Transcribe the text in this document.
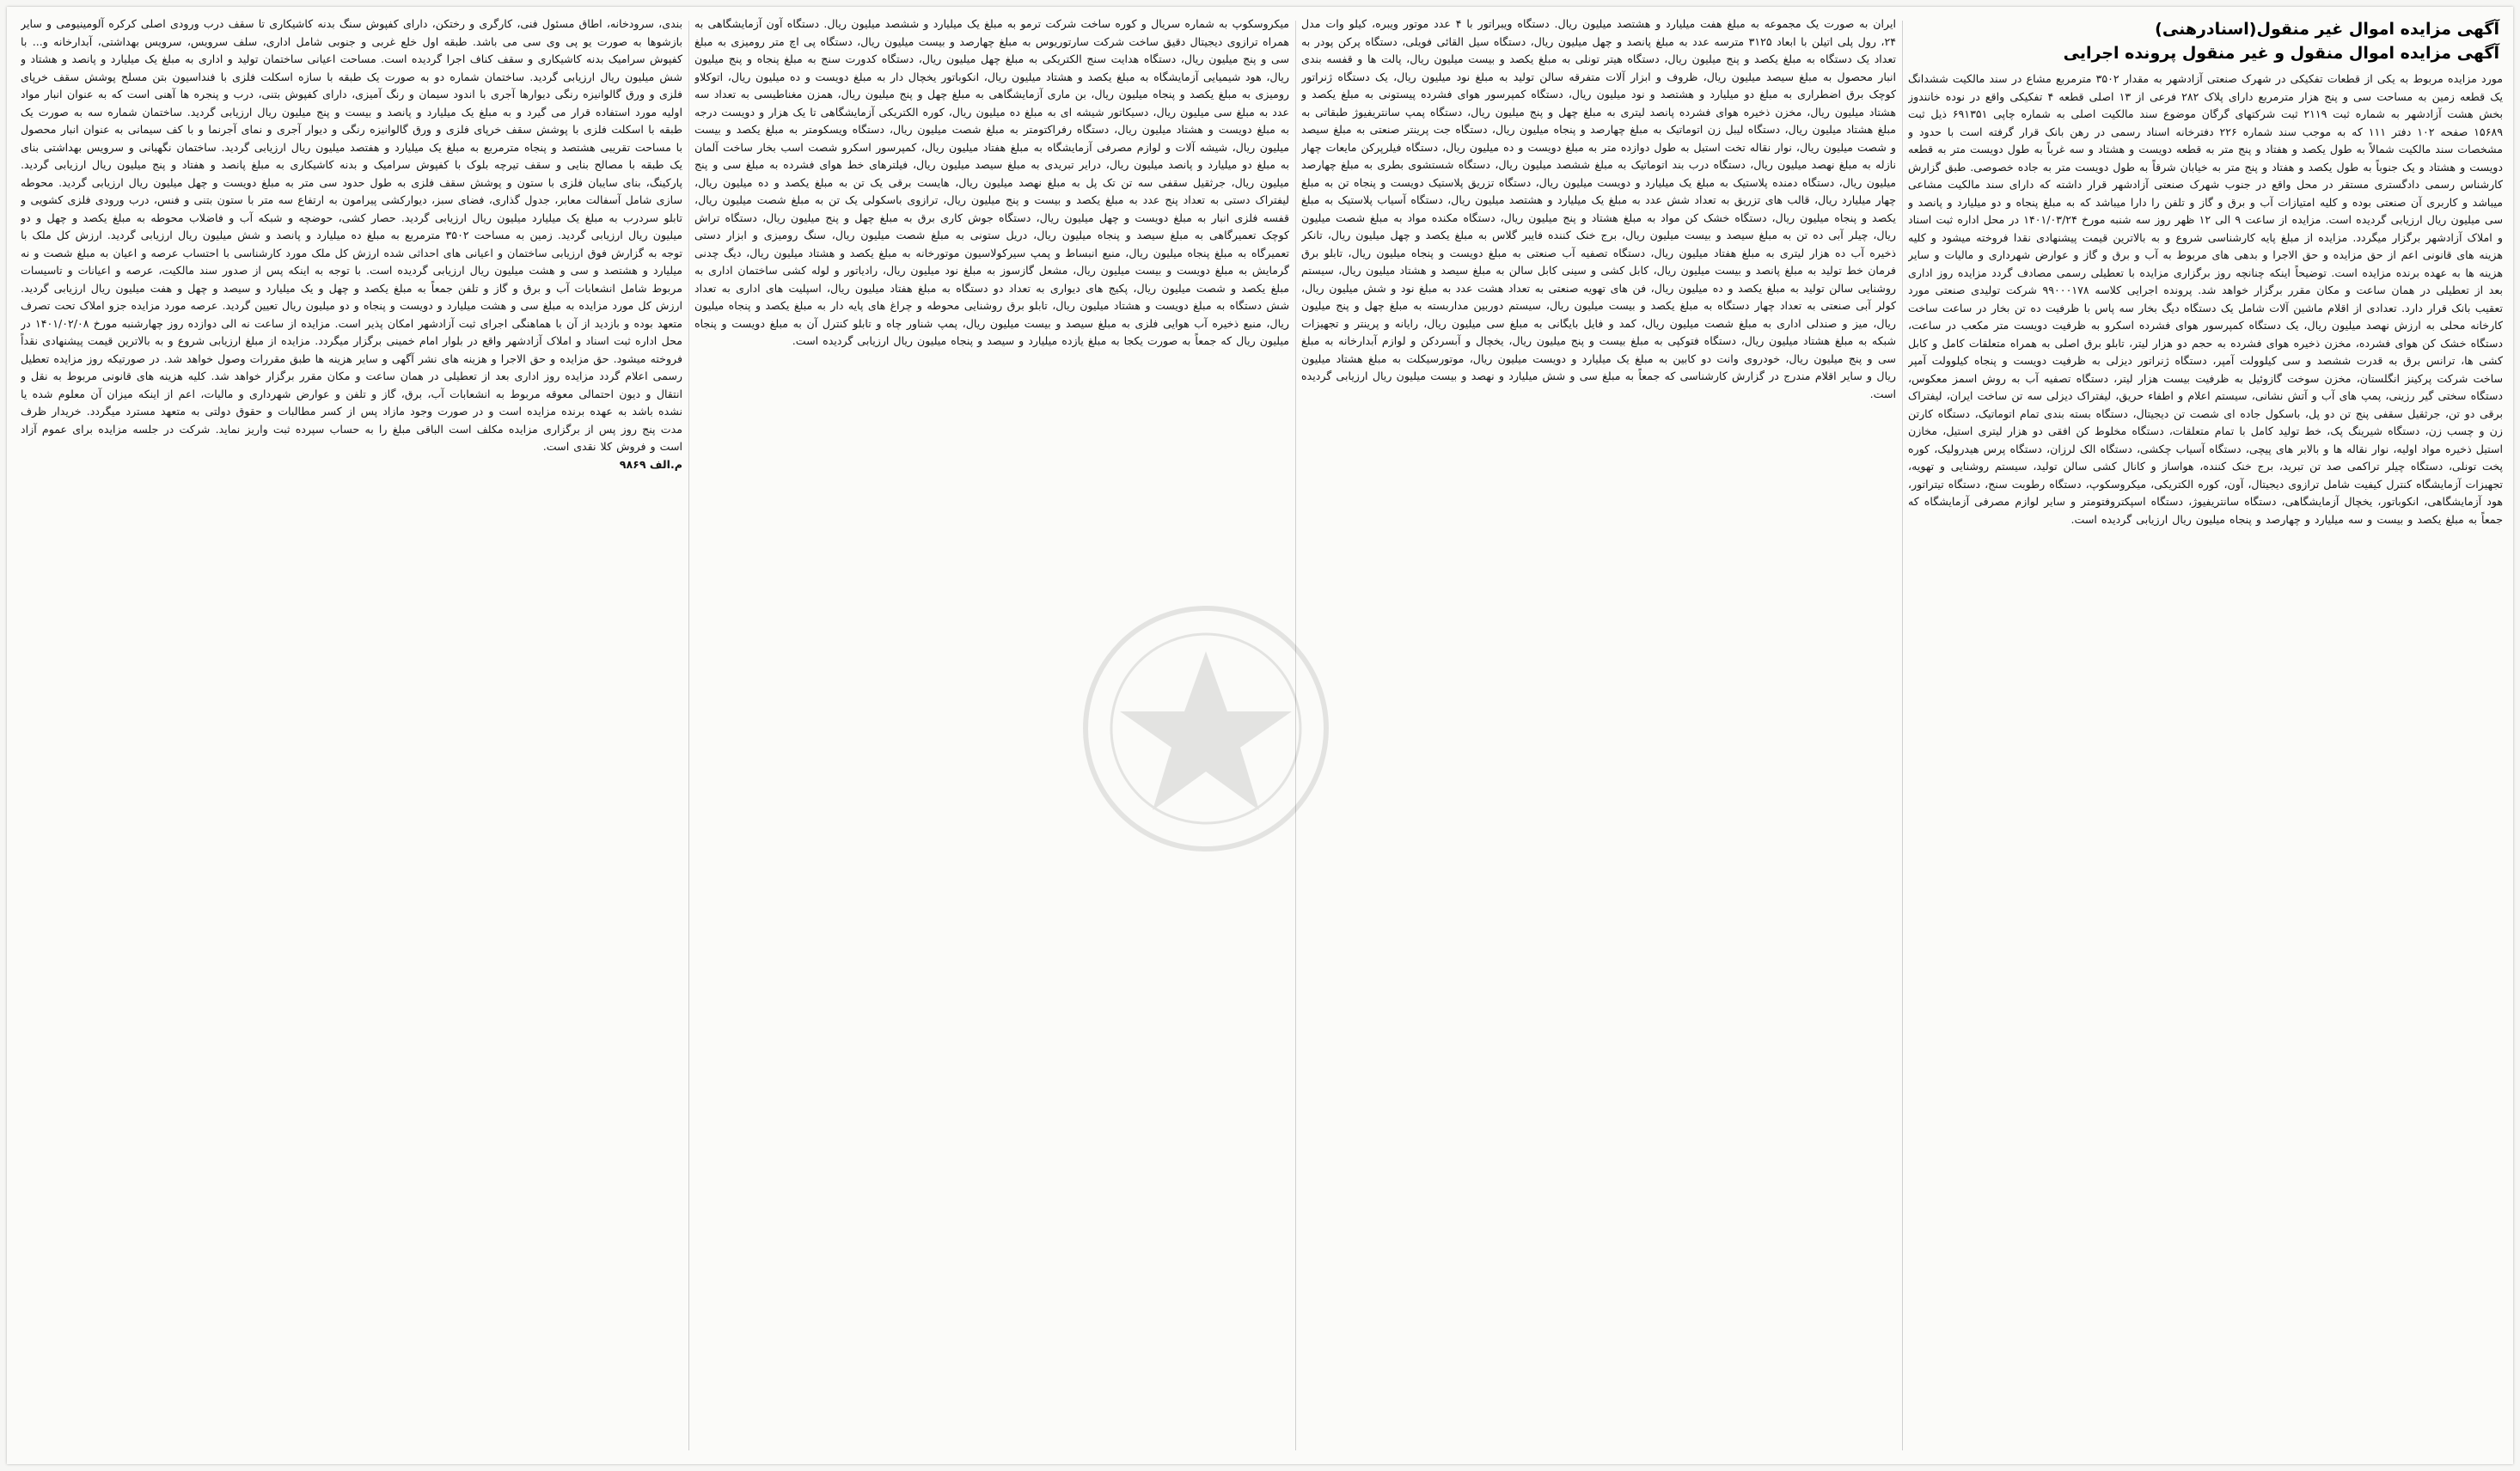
آگهی مزایده اموال غیر منقول(اسنادرهنی)
آگهی مزایده اموال منقول و غیر منقول پرونده اجرایی

مورد مزایده مربوط به یکی از قطعات تفکیکی در شهرک صنعتی آزادشهر به مقدار ۳۵۰۲ مترمربع مشاع در سند مالکیت ششدانگ یک قطعه زمین به مساحت سی و پنج هزار مترمربع دارای پلاک ۲۸۲ فرعی از ۱۳ اصلی قطعه ۴ تفکیکی واقع در نوده خانندوز بخش هشت آزادشهر به شماره ثبت ۲۱۱۹ ثبت شرکتهای گرگان موضوع سند مالکیت اصلی به شماره چاپی ۶۹۱۳۵۱ ذیل ثبت ۱۵۶۸۹ صفحه ۱۰۲ دفتر ۱۱۱ که به موجب سند شماره ۲۲۶ دفترخانه اسناد رسمی در رهن بانک قرار گرفته است با حدود و مشخصات سند مالکیت شمالاً به طول یکصد و هفتاد و پنج متر به قطعه دویست و هشتاد و سه غرباً به طول دویست متر به قطعه دویست و هشتاد و یک جنوباً به طول یکصد و هفتاد و پنج متر به خیابان شرقاً به طول دویست متر به جاده خصوصی. طبق گزارش کارشناس رسمی دادگستری مستقر در محل واقع در جنوب شهرک صنعتی آزادشهر قرار داشته که دارای سند مالکیت مشاعی میباشد و کاربری آن صنعتی بوده و کلیه امتیازات آب و برق و گاز و تلفن را دارا میباشد که به مبلغ پنجاه و دو میلیارد و پانصد و سی میلیون ریال ارزیابی گردیده است. مزایده از ساعت ۹ الی ۱۲ ظهر روز سه شنبه مورخ ۱۴۰۱/۰۳/۲۴ در محل اداره ثبت اسناد و املاک آزادشهر برگزار میگردد. مزایده از مبلغ پایه کارشناسی شروع و به بالاترین قیمت پیشنهادی نقدا فروخته میشود و کلیه هزینه های قانونی اعم از حق مزایده و حق الاجرا و بدهی های مربوط به آب و برق و گاز و عوارض شهرداری و مالیات و سایر هزینه ها به عهده برنده مزایده است. توضیحاً اینکه چنانچه روز برگزاری مزایده با تعطیلی رسمی مصادف گردد مزایده روز اداری بعد از تعطیلی در همان ساعت و مکان مقرر برگزار خواهد شد. پرونده اجرایی کلاسه ۹۹۰۰۰۱۷۸ شرکت تولیدی صنعتی مورد تعقیب بانک قرار دارد. تعدادی از اقلام ماشین آلات شامل یک دستگاه دیگ بخار سه پاس با ظرفیت ده تن بخار در ساعت ساخت کارخانه محلی به ارزش نهصد میلیون ریال، یک دستگاه کمپرسور هوای فشرده اسکرو به ظرفیت دویست متر مکعب در ساعت، دستگاه خشک کن هوای فشرده، مخزن ذخیره هوای فشرده به حجم دو هزار لیتر، تابلو برق اصلی به همراه متعلقات کامل و کابل کشی ها، ترانس برق به قدرت ششصد و سی کیلوولت آمپر، دستگاه ژنراتور دیزلی به ظرفیت دویست و پنجاه کیلوولت آمپر ساخت شرکت پرکینز انگلستان، مخزن سوخت گازوئیل به ظرفیت بیست هزار لیتر، دستگاه تصفیه آب به روش اسمز معکوس، دستگاه سختی گیر رزینی، پمپ های آب و آتش نشانی، سیستم اعلام و اطفاء حریق، لیفتراک دیزلی سه تن ساخت ایران، لیفتراک برقی دو تن، جرثقیل سقفی پنج تن دو پل، باسکول جاده ای شصت تن دیجیتال، دستگاه بسته بندی تمام اتوماتیک، دستگاه کارتن زن و چسب زن، دستگاه شیرینگ پک، خط تولید کامل با تمام متعلقات، دستگاه مخلوط کن افقی دو هزار لیتری استیل، مخازن استیل ذخیره مواد اولیه، نوار نقاله ها و بالابر های پیچی، دستگاه آسیاب چکشی، دستگاه الک لرزان، دستگاه پرس هیدرولیک، کوره پخت تونلی، دستگاه چیلر تراکمی صد تن تبرید، برج خنک کننده، هواساز و کانال کشی سالن تولید، سیستم روشنایی و تهویه، تجهیزات آزمایشگاه کنترل کیفیت شامل ترازوی دیجیتال، آون، کوره الکتریکی، میکروسکوپ، دستگاه رطوبت سنج، دستگاه تیتراتور، هود آزمایشگاهی، انکوباتور، یخچال آزمایشگاهی، دستگاه سانتریفیوژ، دستگاه اسپکتروفتومتر و سایر لوازم مصرفی آزمایشگاه که جمعاً به مبلغ یکصد و بیست و سه میلیارد و چهارصد و پنجاه میلیون ریال ارزیابی گردیده است.

ایران به صورت یک مجموعه به مبلغ هفت میلیارد و هشتصد میلیون ریال. دستگاه ویبراتور با ۴ عدد موتور ویبره، کیلو وات مدل ۲۴، رول پلی اتیلن با ابعاد ۳۱۲۵ مترسه عدد به مبلغ پانصد و چهل میلیون ریال، دستگاه سیل القائی فویلی، دستگاه پرکن پودر به تعداد یک دستگاه به مبلغ یکصد و پنج میلیون ریال، دستگاه هیتر تونلی به مبلغ یکصد و بیست میلیون ریال، پالت ها و قفسه بندی انبار محصول به مبلغ سیصد میلیون ریال، ظروف و ابزار آلات متفرقه سالن تولید به مبلغ نود میلیون ریال، یک دستگاه ژنراتور کوچک برق اضطراری به مبلغ دو میلیارد و هشتصد و نود میلیون ریال، دستگاه کمپرسور هوای فشرده پیستونی به مبلغ یکصد و هشتاد میلیون ریال، مخزن ذخیره هوای فشرده پانصد لیتری به مبلغ چهل و پنج میلیون ریال، دستگاه پمپ سانتریفیوژ طبقاتی به مبلغ هشتاد میلیون ریال، دستگاه لیبل زن اتوماتیک به مبلغ چهارصد و پنجاه میلیون ریال، دستگاه جت پرینتر صنعتی به مبلغ سیصد و شصت میلیون ریال، نوار نقاله تخت استیل به طول دوازده متر به مبلغ دویست و ده میلیون ریال، دستگاه فیلرپرکن مایعات چهار نازله به مبلغ نهصد میلیون ریال، دستگاه درب بند اتوماتیک به مبلغ ششصد میلیون ریال، دستگاه شستشوی بطری به مبلغ چهارصد میلیون ریال، دستگاه دمنده پلاستیک به مبلغ یک میلیارد و دویست میلیون ریال، دستگاه تزریق پلاستیک دویست و پنجاه تن به مبلغ چهار میلیارد ریال، قالب های تزریق به تعداد شش عدد به مبلغ یک میلیارد و هشتصد میلیون ریال، دستگاه آسیاب پلاستیک به مبلغ یکصد و پنجاه میلیون ریال، دستگاه خشک کن مواد به مبلغ هشتاد و پنج میلیون ریال، دستگاه مکنده مواد به مبلغ شصت میلیون ریال، چیلر آبی ده تن به مبلغ سیصد و بیست میلیون ریال، برج خنک کننده فایبر گلاس به مبلغ یکصد و چهل میلیون ریال، تانکر ذخیره آب ده هزار لیتری به مبلغ هفتاد میلیون ریال، دستگاه تصفیه آب صنعتی به مبلغ دویست و پنجاه میلیون ریال، تابلو برق فرمان خط تولید به مبلغ پانصد و بیست میلیون ریال، کابل کشی و سینی کابل سالن به مبلغ سیصد و هشتاد میلیون ریال، سیستم روشنایی سالن تولید به مبلغ یکصد و ده میلیون ریال، فن های تهویه صنعتی به تعداد هشت عدد به مبلغ نود و شش میلیون ریال، کولر آبی صنعتی به تعداد چهار دستگاه به مبلغ یکصد و بیست میلیون ریال، سیستم دوربین مداربسته به مبلغ چهل و پنج میلیون ریال، میز و صندلی اداری به مبلغ شصت میلیون ریال، کمد و فایل بایگانی به مبلغ سی میلیون ریال، رایانه و پرینتر و تجهیزات شبکه به مبلغ هشتاد میلیون ریال، دستگاه فتوکپی به مبلغ بیست و پنج میلیون ریال، یخچال و آبسردکن و لوازم آبدارخانه به مبلغ سی و پنج میلیون ریال، خودروی وانت دو کابین به مبلغ یک میلیارد و دویست میلیون ریال، موتورسیکلت به مبلغ هشتاد میلیون ریال و سایر اقلام مندرج در گزارش کارشناسی که جمعاً به مبلغ سی و شش میلیارد و نهصد و بیست میلیون ریال ارزیابی گردیده است.

میکروسکوپ به شماره سریال و کوره ساخت شرکت ترمو به مبلغ یک میلیارد و ششصد میلیون ریال. دستگاه آون آزمایشگاهی به همراه ترازوی دیجیتال دقیق ساخت شرکت سارتوریوس به مبلغ چهارصد و بیست میلیون ریال، دستگاه پی اچ متر رومیزی به مبلغ سی و پنج میلیون ریال، دستگاه هدایت سنج الکتریکی به مبلغ چهل میلیون ریال، دستگاه کدورت سنج به مبلغ پنجاه و پنج میلیون ریال، هود شیمیایی آزمایشگاه به مبلغ یکصد و هشتاد میلیون ریال، انکوباتور یخچال دار به مبلغ دویست و ده میلیون ریال، اتوکلاو رومیزی به مبلغ یکصد و پنجاه میلیون ریال، بن ماری آزمایشگاهی به مبلغ چهل و پنج میلیون ریال، همزن مغناطیسی به تعداد سه عدد به مبلغ سی میلیون ریال، دسیکاتور شیشه ای به مبلغ ده میلیون ریال، کوره الکتریکی آزمایشگاهی تا یک هزار و دویست درجه به مبلغ دویست و هشتاد میلیون ریال، دستگاه رفراکتومتر به مبلغ شصت میلیون ریال، دستگاه ویسکومتر به مبلغ یکصد و بیست میلیون ریال، شیشه آلات و لوازم مصرفی آزمایشگاه به مبلغ هفتاد میلیون ریال، کمپرسور اسکرو شصت اسب بخار ساخت آلمان به مبلغ دو میلیارد و پانصد میلیون ریال، درایر تبریدی به مبلغ سیصد میلیون ریال، فیلترهای خط هوای فشرده به مبلغ سی و پنج میلیون ریال، جرثقیل سقفی سه تن تک پل به مبلغ نهصد میلیون ریال، هایست برقی یک تن به مبلغ یکصد و ده میلیون ریال، لیفتراک دستی به تعداد پنج عدد به مبلغ یکصد و بیست و پنج میلیون ریال، ترازوی باسکولی یک تن به مبلغ شصت میلیون ریال، قفسه فلزی انبار به مبلغ دویست و چهل میلیون ریال، دستگاه جوش کاری برق به مبلغ چهل و پنج میلیون ریال، دستگاه تراش کوچک تعمیرگاهی به مبلغ سیصد و پنجاه میلیون ریال، دریل ستونی به مبلغ شصت میلیون ریال، سنگ رومیزی و ابزار دستی تعمیرگاه به مبلغ پنجاه میلیون ریال، منبع انبساط و پمپ سیرکولاسیون موتورخانه به مبلغ یکصد و هشتاد میلیون ریال، دیگ چدنی گرمایش به مبلغ دویست و بیست میلیون ریال، مشعل گازسوز به مبلغ نود میلیون ریال، رادیاتور و لوله کشی ساختمان اداری به مبلغ یکصد و شصت میلیون ریال، پکیج های دیواری به تعداد دو دستگاه به مبلغ هفتاد میلیون ریال، اسپلیت های اداری به تعداد شش دستگاه به مبلغ دویست و هشتاد میلیون ریال، تابلو برق روشنایی محوطه و چراغ های پایه دار به مبلغ یکصد و پنجاه میلیون ریال، منبع ذخیره آب هوایی فلزی به مبلغ سیصد و بیست میلیون ریال، پمپ شناور چاه و تابلو کنترل آن به مبلغ دویست و پنجاه میلیون ریال که جمعاً به صورت یکجا به مبلغ یازده میلیارد و سیصد و پنجاه میلیون ریال ارزیابی گردیده است.

بندی، سرودخانه، اطاق مسئول فنی، کارگری و رختکن، دارای کفپوش سنگ بدنه کاشیکاری تا سقف درب ورودی اصلی کرکره آلومینیومی و سایر بازشوها به صورت یو پی وی سی می باشد. طبقه اول خلع غربی و جنوبی شامل اداری، سلف سرویس، سرویس بهداشتی، آبدارخانه و... با کفپوش سرامیک بدنه کاشیکاری و سقف کناف اجرا گردیده است. مساحت اعیانی ساختمان تولید و اداری به مبلغ یک میلیارد و پانصد و هشتاد و شش میلیون ریال ارزیابی گردید. ساختمان شماره دو به صورت یک طبقه با سازه اسکلت فلزی با فنداسیون بتن مسلح پوشش سقف خرپای فلزی و ورق گالوانیزه رنگی دیوارها آجری با اندود سیمان و رنگ آمیزی، دارای کفپوش بتنی، درب و پنجره ها آهنی است که به عنوان انبار مواد اولیه مورد استفاده قرار می گیرد و به مبلغ یک میلیارد و پانصد و بیست و پنج میلیون ریال ارزیابی گردید. ساختمان شماره سه به صورت یک طبقه با اسکلت فلزی با پوشش سقف خرپای فلزی و ورق گالوانیزه رنگی و دیوار آجری و نمای آجرنما و با کف سیمانی به عنوان انبار محصول با مساحت تقریبی هشتصد و پنجاه مترمربع به مبلغ یک میلیارد و هفتصد میلیون ریال ارزیابی گردید. ساختمان نگهبانی و سرویس بهداشتی بنای یک طبقه با مصالح بنایی و سقف تیرچه بلوک با کفپوش سرامیک و بدنه کاشیکاری به مبلغ پانصد و هفتاد و پنج میلیون ریال ارزیابی گردید. پارکینگ، بنای سایبان فلزی با ستون و پوشش سقف فلزی به طول حدود سی متر به مبلغ دویست و چهل میلیون ریال ارزیابی گردید. محوطه سازی شامل آسفالت معابر، جدول گذاری، فضای سبز، دیوارکشی پیرامون به ارتفاع سه متر با ستون بتنی و فنس، درب ورودی فلزی کشویی و تابلو سردرب به مبلغ یک میلیارد میلیون ریال ارزیابی گردید. حصار کشی، حوضچه و شبکه آب و فاضلاب محوطه به مبلغ یکصد و چهل و دو میلیون ریال ارزیابی گردید. زمین به مساحت ۳۵۰۲ مترمربع به مبلغ ده میلیارد و پانصد و شش میلیون ریال ارزیابی گردید. ارزش کل ملک با توجه به گزارش فوق ارزیابی ساختمان و اعیانی های احداثی شده ارزش کل ملک مورد کارشناسی با احتساب عرصه و اعیان به مبلغ شصت و نه میلیارد و هشتصد و سی و هشت میلیون ریال ارزیابی گردیده است. با توجه به اینکه پس از صدور سند مالکیت، عرصه و اعیانات و تاسیسات مربوط شامل انشعابات آب و برق و گاز و تلفن جمعاً به مبلغ یکصد و چهل و یک میلیارد و سیصد و چهل و هفت میلیون ریال ارزیابی گردید. ارزش کل مورد مزایده به مبلغ سی و هشت میلیارد و دویست و پنجاه و دو میلیون ریال تعیین گردید. عرصه مورد مزایده جزو املاک تحت تصرف متعهد بوده و بازدید از آن با هماهنگی اجرای ثبت آزادشهر امکان پذیر است. مزایده از ساعت نه الی دوازده روز چهارشنبه مورخ ۱۴۰۱/۰۲/۰۸ در محل اداره ثبت اسناد و املاک آزادشهر واقع در بلوار امام خمینی برگزار میگردد. مزایده از مبلغ ارزیابی شروع و به بالاترین قیمت پیشنهادی نقداً فروخته میشود. حق مزایده و حق الاجرا و هزینه های نشر آگهی و سایر هزینه ها طبق مقررات وصول خواهد شد. در صورتیکه روز مزایده تعطیل رسمی اعلام گردد مزایده روز اداری بعد از تعطیلی در همان ساعت و مکان مقرر برگزار خواهد شد. کلیه هزینه های قانونی مربوط به نقل و انتقال و دیون احتمالی معوقه مربوط به انشعابات آب، برق، گاز و تلفن و عوارض شهرداری و مالیات، اعم از اینکه میزان آن معلوم شده یا نشده باشد به عهده برنده مزایده است و در صورت وجود مازاد پس از کسر مطالبات و حقوق دولتی به متعهد مسترد میگردد. خریدار ظرف مدت پنج روز پس از برگزاری مزایده مکلف است الباقی مبلغ را به حساب سپرده ثبت واریز نماید. شرکت در جلسه مزایده برای عموم آزاد است و فروش کلا نقدی است.

م.الف ۹۸۶۹
